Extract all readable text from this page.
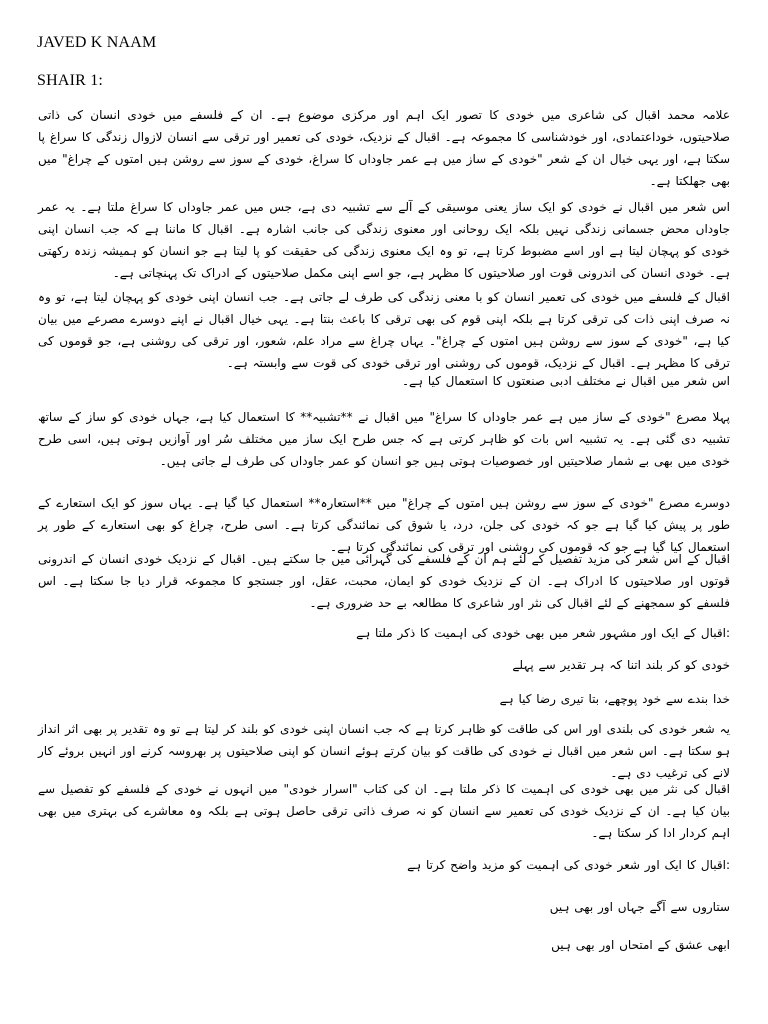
JAVED K NAAM
SHAIR 1:
علامہ محمد اقبال کی شاعری میں خودی کا تصور ایک اہم اور مرکزی موضوع ہے۔ ان کے فلسفے میں خودی انسان کی ذاتی صلاحیتوں، خوداعتمادی، اور خودشناسی کا مجموعہ ہے۔ اقبال کے نزدیک، خودی کی تعمیر اور ترقی سے انسان لازوال زندگی کا سراغ پا سکتا ہے، اور یہی خیال ان کے شعر "خودی کے ساز میں ہے عمر جاوداں کا سراغ، خودی کے سوز سے روشن ہیں امتوں کے چراغ" میں بھی جھلکتا ہے۔
اس شعر میں اقبال نے خودی کو ایک ساز یعنی موسیقی کے آلے سے تشبیہ دی ہے، جس میں عمر جاوداں کا سراغ ملتا ہے۔ یہ عمر جاوداں محض جسمانی زندگی نہیں بلکہ ایک روحانی اور معنوی زندگی کی جانب اشارہ ہے۔ اقبال کا ماننا ہے کہ جب انسان اپنی خودی کو پہچان لیتا ہے اور اسے مضبوط کرتا ہے، تو وہ ایک معنوی زندگی کی حقیقت کو پا لیتا ہے جو انسان کو ہمیشہ زندہ رکھتی ہے۔ خودی انسان کی اندرونی قوت اور صلاحیتوں کا مظہر ہے، جو اسے اپنی مکمل صلاحیتوں کے ادراک تک پہنچاتی ہے۔
اقبال کے فلسفے میں خودی کی تعمیر انسان کو با معنی زندگی کی طرف لے جاتی ہے۔ جب انسان اپنی خودی کو پہچان لیتا ہے، تو وہ نہ صرف اپنی ذات کی ترقی کرتا ہے بلکہ اپنی قوم کی بھی ترقی کا باعث بنتا ہے۔ یہی خیال اقبال نے اپنے دوسرے مصرعے میں بیان کیا ہے، "خودی کے سوز سے روشن ہیں امتوں کے چراغ"۔ یہاں چراغ سے مراد علم، شعور، اور ترقی کی روشنی ہے، جو قوموں کی ترقی کا مظہر ہے۔ اقبال کے نزدیک، قوموں کی روشنی اور ترقی خودی کی قوت سے وابستہ ہے۔
اس شعر میں اقبال نے مختلف ادبی صنعتوں کا استعمال کیا ہے۔
پہلا مصرع "خودی کے ساز میں ہے عمر جاوداں کا سراغ" میں اقبال نے **تشبیہ** کا استعمال کیا ہے، جہاں خودی کو ساز کے ساتھ تشبیہ دی گئی ہے۔ یہ تشبیہ اس بات کو ظاہر کرتی ہے کہ جس طرح ایک ساز میں مختلف سُر اور آوازیں ہوتی ہیں، اسی طرح خودی میں بھی بے شمار صلاحیتیں اور خصوصیات ہوتی ہیں جو انسان کو عمر جاوداں کی طرف لے جاتی ہیں۔
دوسرے مصرع "خودی کے سوز سے روشن ہیں امتوں کے چراغ" میں **استعارہ** استعمال کیا گیا ہے۔ یہاں سوز کو ایک استعارے کے طور پر پیش کیا گیا ہے جو کہ خودی کی جلن، درد، یا شوق کی نمائندگی کرتا ہے۔ اسی طرح، چراغ کو بھی استعارے کے طور پر استعمال کیا گیا ہے جو کہ قوموں کی روشنی اور ترقی کی نمائندگی کرتا ہے۔
اقبال کے اس شعر کی مزید تفصیل کے لئے ہم ان کے فلسفے کی گہرائی میں جا سکتے ہیں۔ اقبال کے نزدیک خودی انسان کے اندرونی قوتوں اور صلاحیتوں کا ادراک ہے۔ ان کے نزدیک خودی کو ایمان، محبت، عقل، اور جستجو کا مجموعہ قرار دیا جا سکتا ہے۔ اس فلسفے کو سمجھنے کے لئے اقبال کی نثر اور شاعری کا مطالعہ بے حد ضروری ہے۔
:اقبال کے ایک اور مشہور شعر میں بھی خودی کی اہمیت کا ذکر ملتا ہے
خودی کو کر بلند اتنا کہ ہر تقدیر سے پہلے
خدا بندے سے خود پوچھے، بتا تیری رضا کیا ہے
یہ شعر خودی کی بلندی اور اس کی طاقت کو ظاہر کرتا ہے کہ جب انسان اپنی خودی کو بلند کر لیتا ہے تو وہ تقدیر پر بھی اثر انداز ہو سکتا ہے۔ اس شعر میں اقبال نے خودی کی طاقت کو بیان کرتے ہوئے انسان کو اپنی صلاحیتوں پر بھروسہ کرنے اور انہیں بروئے کار لانے کی ترغیب دی ہے۔
اقبال کی نثر میں بھی خودی کی اہمیت کا ذکر ملتا ہے۔ ان کی کتاب "اسرار خودی" میں انہوں نے خودی کے فلسفے کو تفصیل سے بیان کیا ہے۔ ان کے نزدیک خودی کی تعمیر سے انسان کو نہ صرف ذاتی ترقی حاصل ہوتی ہے بلکہ وہ معاشرے کی بہتری میں بھی اہم کردار ادا کر سکتا ہے۔
:اقبال کا ایک اور شعر خودی کی اہمیت کو مزید واضح کرتا ہے
ستاروں سے آگے جہاں اور بھی ہیں
ابھی عشق کے امتحاں اور بھی ہیں
